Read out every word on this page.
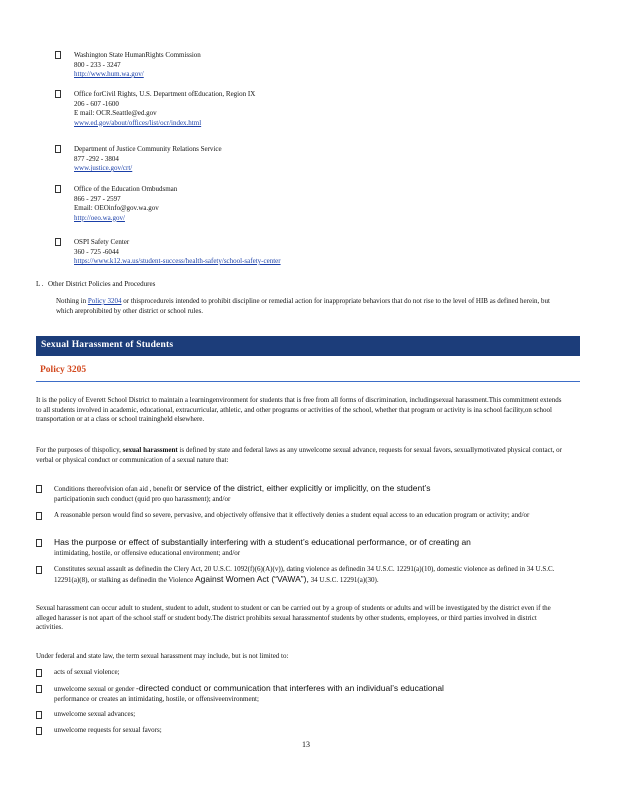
Washington State HumanRights Commission
800 - 233 - 3247
http://www.hum.wa.gov/
Office forCivil Rights, U.S. Department ofEducation, Region IX
206 - 607 -1600
E mail: OCR.Seattle@ed.gov
www.ed.gov/about/offices/list/ocr/index.html
Department of Justice Community Relations Service
877 -292 - 3804
www.justice.gov/crt/
Office of the Education Ombudsman
866 - 297 - 2597
Email: OEOinfo@gov.wa.gov
http://oeo.wa.gov/
OSPI Safety Center
360 - 725 -6044
https://www.k12.wa.us/student-success/health-safety/school-safety-center
L . Other District Policies and Procedures
Nothing in Policy 3204 or thisprocedureis intended to prohibit discipline or remedial action for inappropriate behaviors that do not rise to the level of HIB as defined herein, but which areprohibited by other district or school rules.
Sexual Harassment of Students
Policy 3205
It is the policy of Everett School District to maintain a learningenvironment for students that is free from all forms of discrimination, includingsexual harassment.This commitment extends to all students involved in academic, educational, extracurricular, athletic, and other programs or activities of the school, whether that program or activity is ina school facility,on school transportation or at a class or school trainingheld elsewhere.
For the purposes of thispolicy, sexual harassment is defined by state and federal laws as any unwelcome sexual advance, requests for sexual favors, sexuallymotivated physical contact, or verbal or physical conduct or communication of a sexual nature that:
Conditions thereofvision ofan aid , benefit or service of the district, either explicitly or implicitly, on the student’s
participationin such conduct (quid pro quo harassment); and/or
A reasonable person would find so severe, pervasive, and objectively offensive that it effectively denies a student equal access to an education program or activity; and/or
Has the purpose or effect of substantially interfering with a student’s educational performance, or of creating an
intimidating, hostile, or offensive educational environment; and/or
Constitutes sexual assault as definedin the Clery Act, 20 U.S.C. 1092(f)(6)(A)(v)), dating violence as definedin 34 U.S.C. 12291(a)(10), domestic violence as defined in 34 U.S.C. 12291(a)(8), or stalking as definedin the Violence Against Women Act (“VAWA”), 34 U.S.C. 12291(a)(30).
Sexual harassment can occur adult to student, student to adult, student to student or can be carried out by a group of students or adults and will be investigated by the district even if the alleged harasser is not apart of the school staff or student body.The district prohibits sexual harassmentof students by other students, employees, or third parties involved in district activities.
Under federal and state law, the term sexual harassment may include, but is not limited to:
acts of sexual violence;
unwelcome sexual or gender -directed conduct or communication that interferes with an individual’s educational
performance or creates an intimidating, hostile, or offensiveenvironment;
unwelcome sexual advances;
unwelcome requests for sexual favors;
13
